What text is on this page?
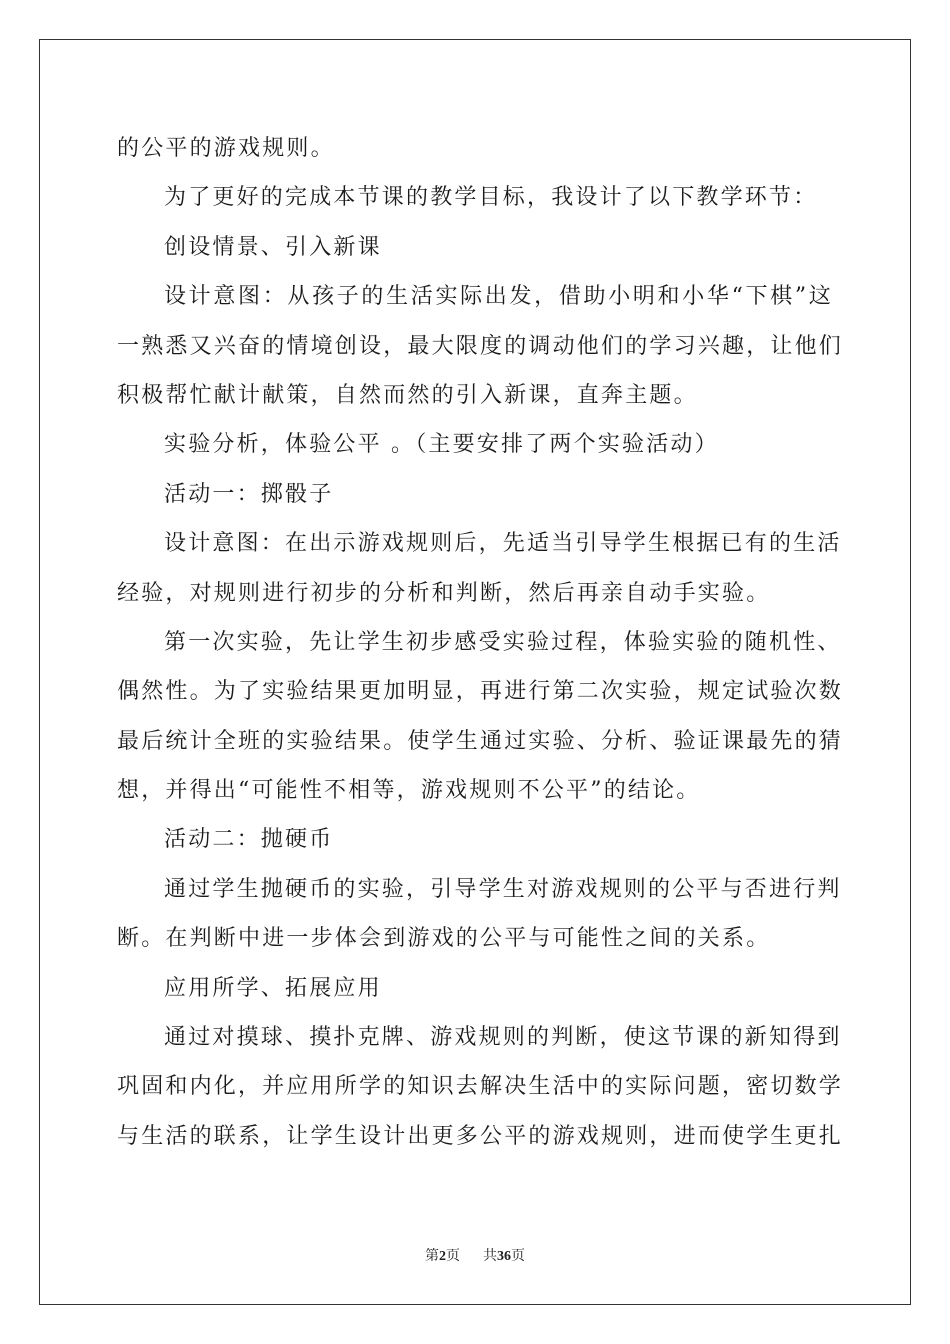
的公平的游戏规则。
为了更好的完成本节课的教学目标，我设计了以下教学环节：
创设情景、引入新课
设计意图：从孩子的生活实际出发，借助小明和小华“下棋”这
一熟悉又兴奋的情境创设，最大限度的调动他们的学习兴趣，让他们
积极帮忙献计献策，自然而然的引入新课，直奔主题。
实验分析，体验公平 。（主要安排了两个实验活动）
活动一：掷骰子
设计意图：在出示游戏规则后，先适当引导学生根据已有的生活
经验，对规则进行初步的分析和判断，然后再亲自动手实验。
第一次实验，先让学生初步感受实验过程，体验实验的随机性、
偶然性。为了实验结果更加明显，再进行第二次实验，规定试验次数
最后统计全班的实验结果。使学生通过实验、分析、验证课最先的猜
想，并得出“可能性不相等，游戏规则不公平”的结论。
活动二：抛硬币
通过学生抛硬币的实验，引导学生对游戏规则的公平与否进行判
断。在判断中进一步体会到游戏的公平与可能性之间的关系。
应用所学、拓展应用
通过对摸球、摸扑克牌、游戏规则的判断，使这节课的新知得到
巩固和内化，并应用所学的知识去解决生活中的实际问题，密切数学
与生活的联系，让学生设计出更多公平的游戏规则，进而使学生更扎
第2页 共36页
